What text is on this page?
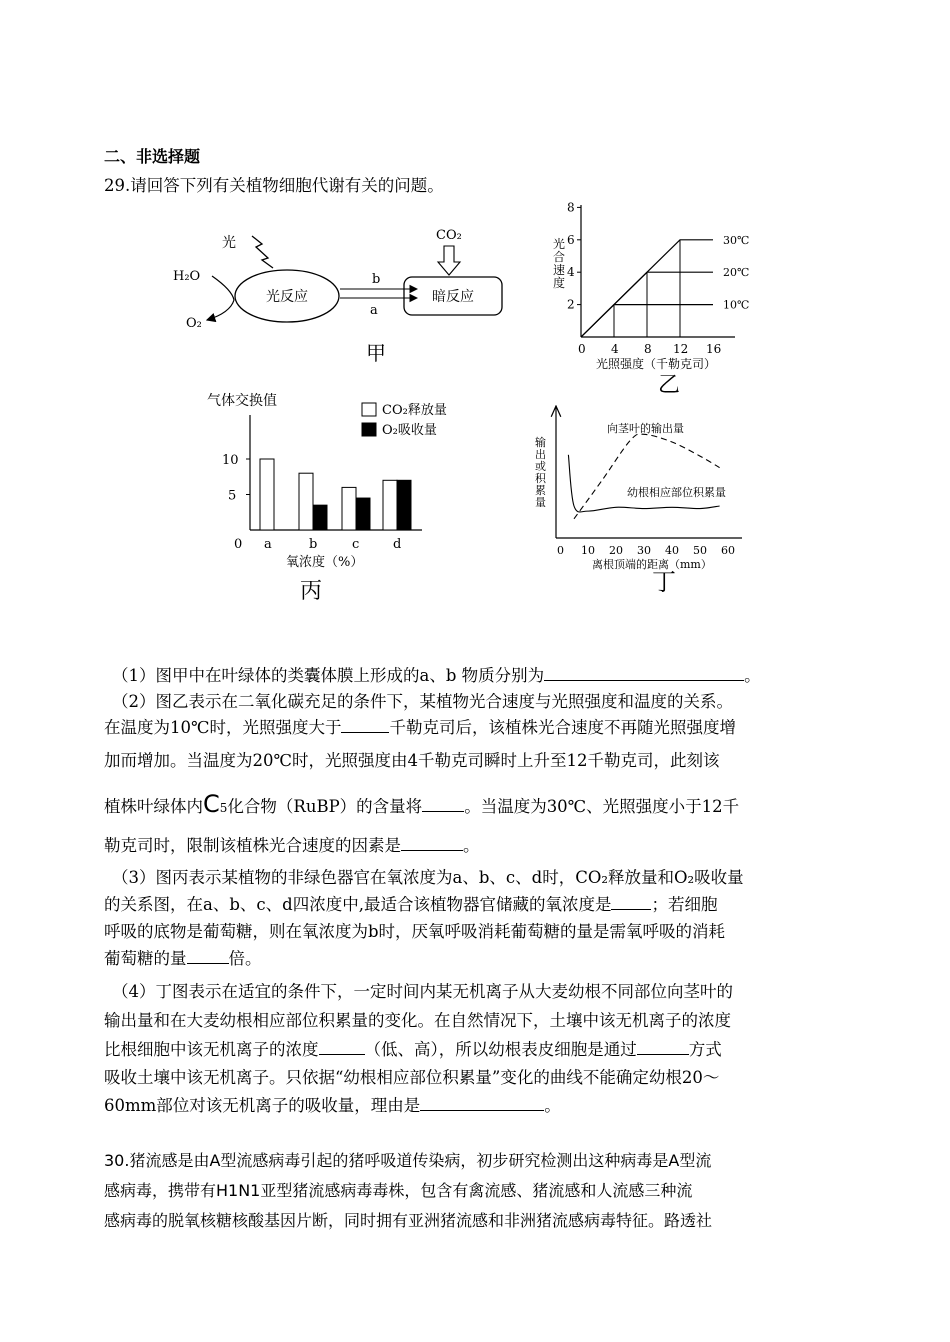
二、非选择题
29.请回答下列有关植物细胞代谢有关的问题。
光
光反应
H₂O
O₂
b
a
暗反应
CO₂
甲	0 4 8 12 16
2
4
6
8
30℃
20℃
10℃
光合速度
光照强度（千勒克司）
乙
气体交换值
CO₂释放量
O₂吸收量
0
5
10
a	b	c	d
氧浓度（%）
丙
输出或积累量
0 10 20 30 40 50 60
向茎叶的输出量
幼根相应部位积累量
离根顶端的距离（mm）
丁
（1）图甲中在叶绿体的类囊体膜上形成的a、b 物质分别为	。
（2）图乙表示在二氧化碳充足的条件下，某植物光合速度与光照强度和温度的关系。
在温度为10℃时，光照强度大于	千勒克司后，该植株光合速度不再随光照强度增
加而增加。当温度为20℃时，光照强度由4千勒克司瞬时上升至12千勒克司，此刻该
植株叶绿体内C5化合物（RuBP）的含量将	。当温度为30℃、光照强度小于12千
勒克司时，限制该植株光合速度的因素是	。
（3）图丙表示某植物的非绿色器官在氧浓度为a、b、c、d时，CO₂释放量和O₂吸收量
的关系图，在a、b、c、d四浓度中,最适合该植物器官储藏的氧浓度是 ；若细胞
呼吸的底物是葡萄糖，则在氧浓度为b时，厌氧呼吸消耗葡萄糖的量是需氧呼吸的消耗
葡萄糖的量	倍。
（4）丁图表示在适宜的条件下，一定时间内某无机离子从大麦幼根不同部位向茎叶的
输出量和在大麦幼根相应部位积累量的变化。在自然情况下，土壤中该无机离子的浓度
比根细胞中该无机离子的浓度	（低、高），所以幼根表皮细胞是通过	方式
吸收土壤中该无机离子。只依据“幼根相应部位积累量”变化的曲线不能确定幼根20～
60mm部位对该无机离子的吸收量，理由是	。
30.猪流感是由A型流感病毒引起的猪呼吸道传染病，初步研究检测出这种病毒是A型流
感病毒，携带有H1N1亚型猪流感病毒毒株，包含有禽流感、猪流感和人流感三种流
感病毒的脱氧核糖核酸基因片断，同时拥有亚洲猪流感和非洲猪流感病毒特征。路透社
